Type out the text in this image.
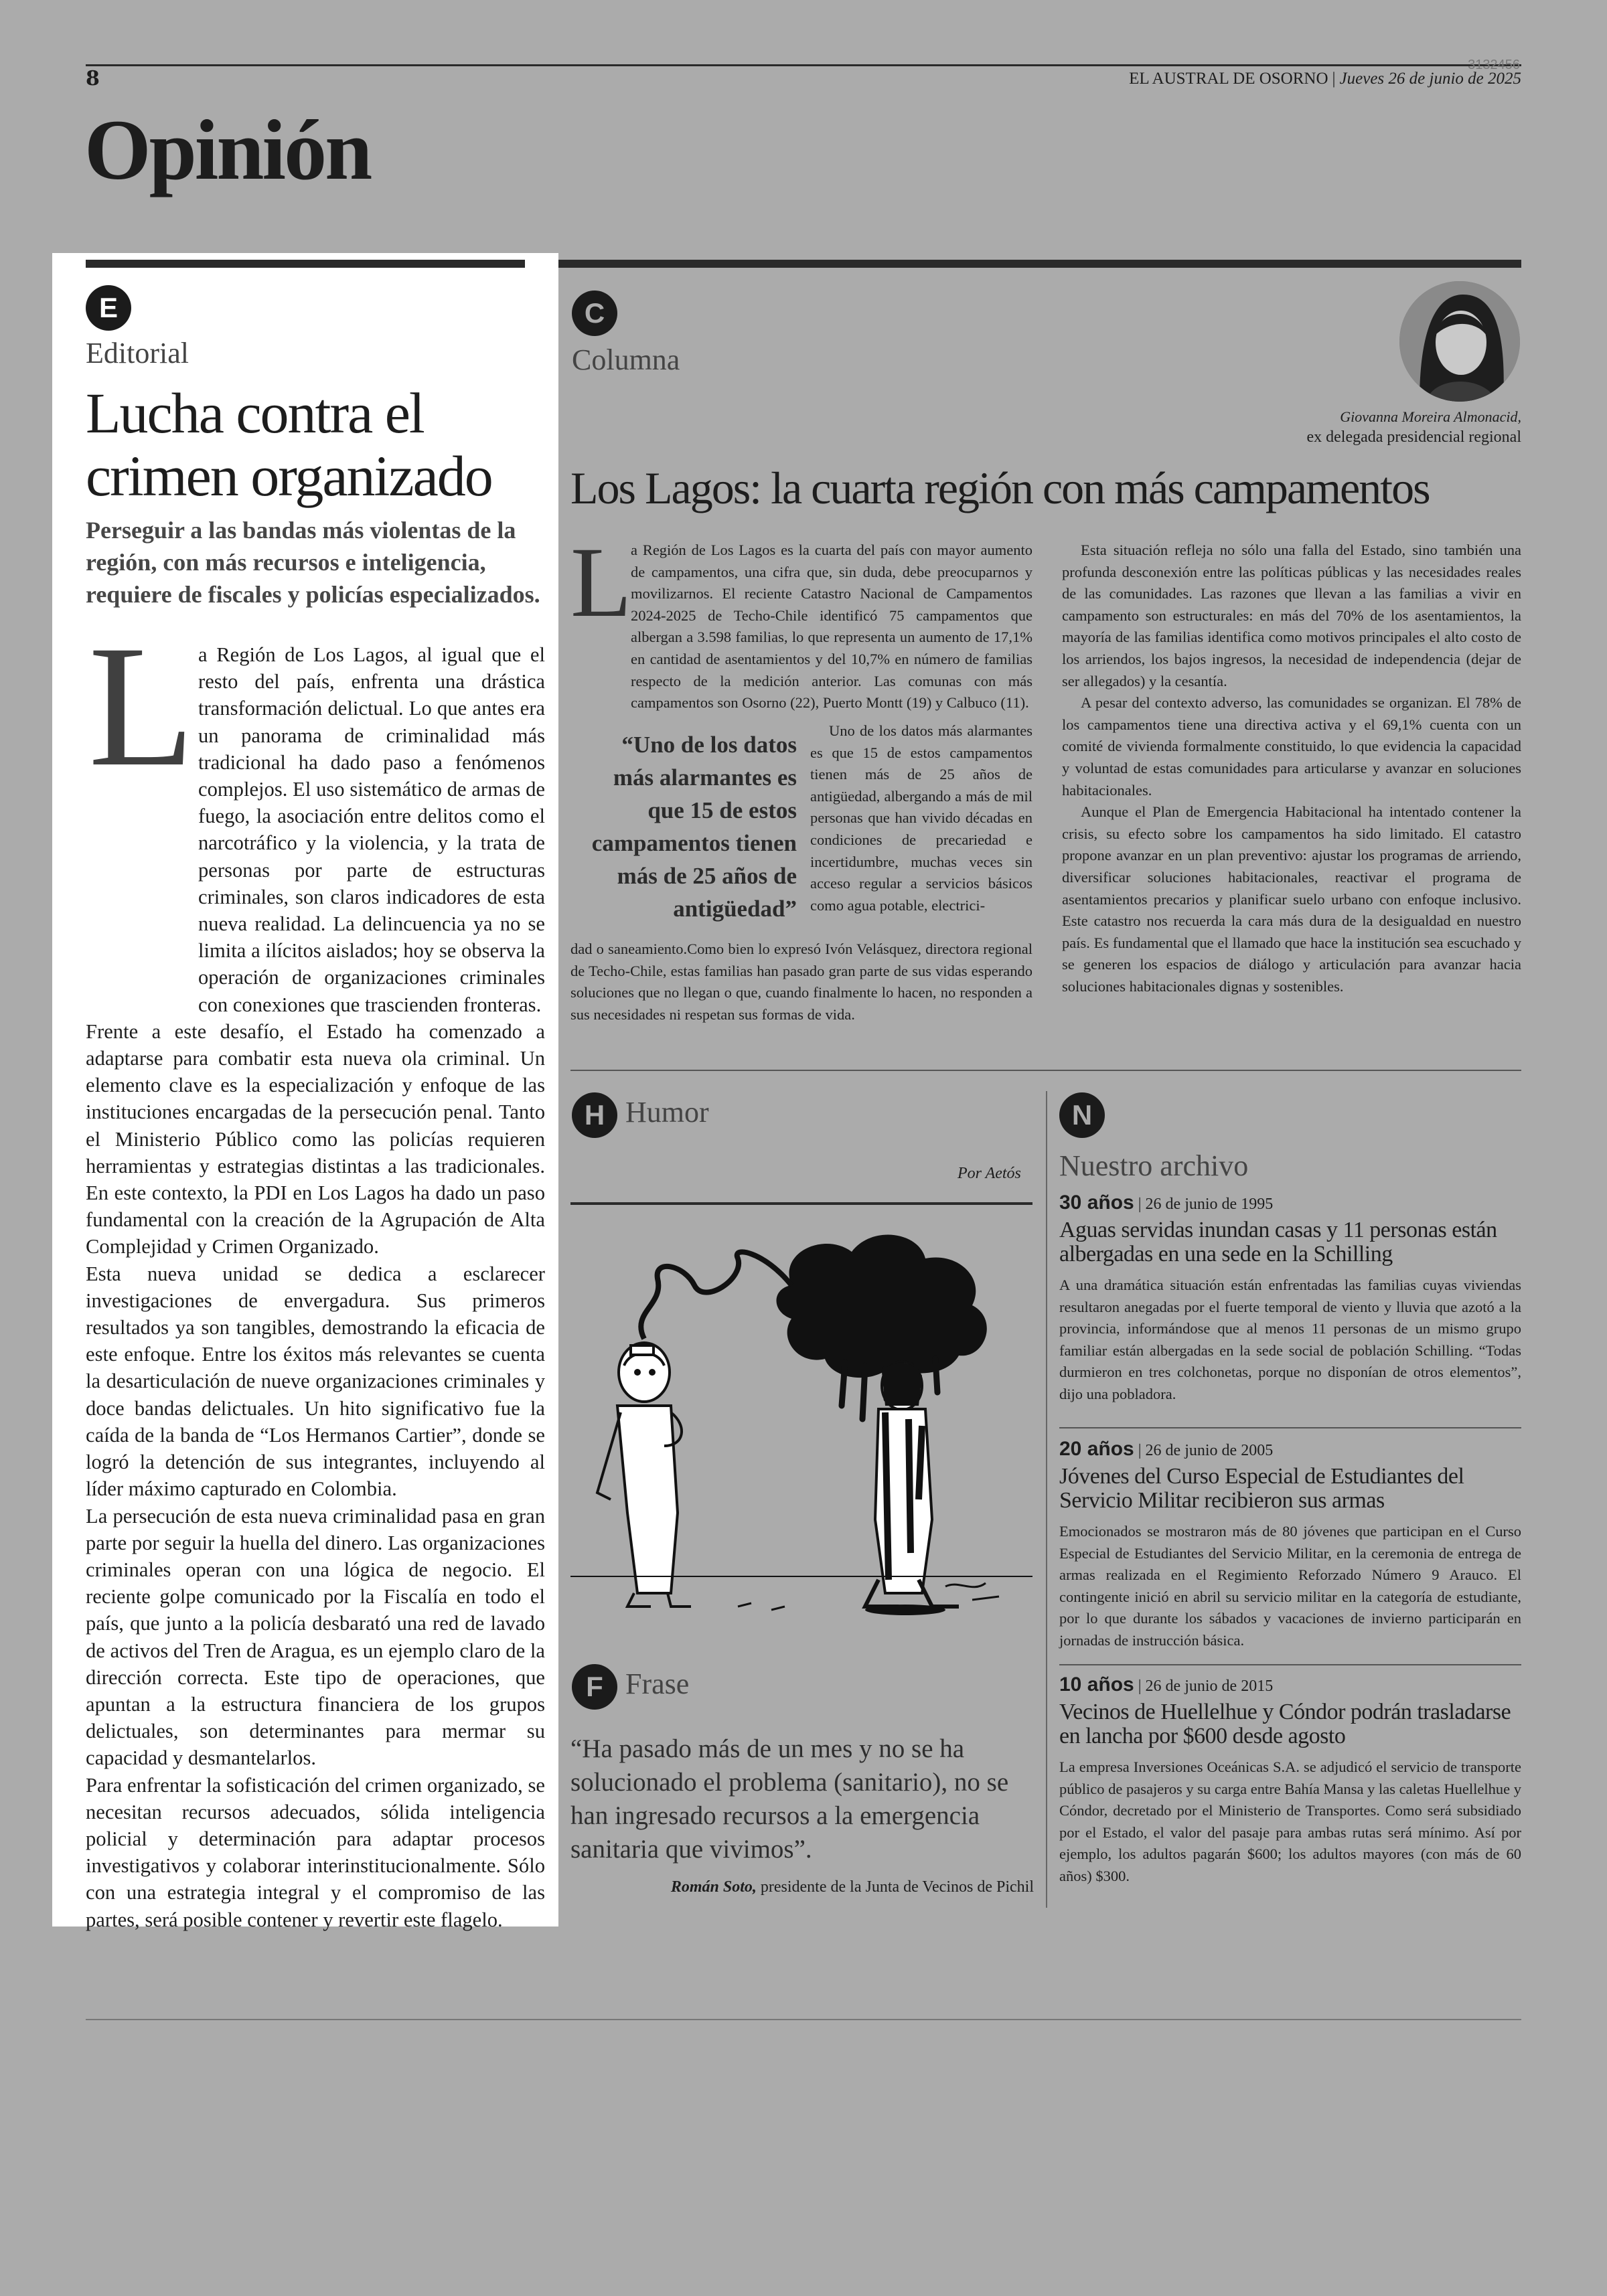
3132456
8	EL AUSTRAL DE OSORNO | Jueves 26 de junio de 2025
Opinión
E
Editorial
Lucha contra el crimen organizado
Perseguir a las bandas más violentas de la región, con más recursos e inteligencia, requiere de fiscales y policías especializados.
L a Región de Los Lagos, al igual que el resto del país, enfrenta una drástica transformación delictual. Lo que antes era un panorama de criminalidad más tradicional ha dado paso a fenómenos complejos. El uso sistemático de armas de fuego, la asociación entre delitos como el narcotráfico y la violencia, y la trata de personas por parte de estructuras criminales, son claros indicadores de esta nueva realidad. La delincuencia ya no se limita a ilícitos aislados; hoy se observa la operación de organizaciones criminales con conexiones que trascienden fronteras.

Frente a este desafío, el Estado ha comenzado a adaptarse para combatir esta nueva ola criminal. Un elemento clave es la especialización y enfoque de las instituciones encargadas de la persecución penal. Tanto el Ministerio Público como las policías requieren herramientas y estrategias distintas a las tradicionales. En este contexto, la PDI en Los Lagos ha dado un paso fundamental con la creación de la Agrupación de Alta Complejidad y Crimen Organizado.

Esta nueva unidad se dedica a esclarecer investigaciones de envergadura. Sus primeros resultados ya son tangibles, demostrando la eficacia de este enfoque. Entre los éxitos más relevantes se cuenta la desarticulación de nueve organizaciones criminales y doce bandas delictuales. Un hito significativo fue la caída de la banda de “Los Hermanos Cartier”, donde se logró la detención de sus integrantes, incluyendo al líder máximo capturado en Colombia.

La persecución de esta nueva criminalidad pasa en gran parte por seguir la huella del dinero. Las organizaciones criminales operan con una lógica de negocio. El reciente golpe comunicado por la Fiscalía en todo el país, que junto a la policía desbarató una red de lavado de activos del Tren de Aragua, es un ejemplo claro de la dirección correcta. Este tipo de operaciones, que apuntan a la estructura financiera de los grupos delictuales, son determinantes para mermar su capacidad y desmantelarlos.

Para enfrentar la sofisticación del crimen organizado, se necesitan recursos adecuados, sólida inteligencia policial y determinación para adaptar procesos investigativos y colaborar interinstitucionalmente. Sólo con una estrategia integral y el compromiso de las partes, será posible contener y revertir este flagelo.

C
Columna
Giovanna Moreira Almonacid,
ex delegada presidencial regional
Los Lagos: la cuarta región con más campamentos
L

a Región de Los Lagos es la cuarta del país con mayor aumento de campamentos, una cifra que, sin duda, debe preocuparnos y movilizarnos. El reciente Catastro Nacional de Campamentos 2024-2025 de Techo-Chile identificó 75 campamentos que albergan a 3.598 familias, lo que representa un aumento de 17,1% en cantidad de asentamientos y del 10,7% en número de familias respecto de la medición anterior. Las comunas con más campamentos son Osorno (22), Puerto Montt (19) y Calbuco (11).

“Uno de los datos más alarmantes es que 15 de estos campamentos tienen más de 25 años de antigüedad”

Uno de los datos más alarmantes es que 15 de estos campamentos tienen más de 25 años de antigüedad, albergando a más de mil personas que han vivido décadas en condiciones de precariedad e incertidumbre, muchas veces sin acceso regular a servicios básicos como agua potable, electrici-

dad o saneamiento.Como bien lo expresó Ivón Velásquez, directora regional de Techo-Chile, estas familias han pasado gran parte de sus vidas esperando soluciones que no llegan o que, cuando finalmente lo hacen, no responden a sus necesidades ni respetan sus formas de vida.

Esta situación refleja no sólo una falla del Estado, sino también una profunda desconexión entre las políticas públicas y las necesidades reales de las comunidades. Las razones que llevan a las familias a vivir en campamento son estructurales: en más del 70% de los asentamientos, la mayoría de las familias identifica como motivos principales el alto costo de los arriendos, los bajos ingresos, la necesidad de independencia (dejar de ser allegados) y la cesantía.

A pesar del contexto adverso, las comunidades se organizan. El 78% de los campamentos tiene una directiva activa y el 69,1% cuenta con un comité de vivienda formalmente constituido, lo que evidencia la capacidad y voluntad de estas comunidades para articularse y avanzar en soluciones habitacionales.

Aunque el Plan de Emergencia Habitacional ha intentado contener la crisis, su efecto sobre los campamentos ha sido limitado. El catastro propone avanzar en un plan preventivo: ajustar los programas de arriendo, diversificar soluciones habitacionales, reactivar el programa de asentamientos precarios y planificar suelo urbano con enfoque inclusivo. Este catastro nos recuerda la cara más dura de la desigualdad en nuestro país. Es fundamental que el llamado que hace la institución sea escuchado y se generen los espacios de diálogo y articulación para avanzar hacia soluciones habitacionales dignas y sostenibles.

H Humor
Por Aetós
F Frase
“Ha pasado más de un mes y no se ha solucionado el problema (sanitario), no se han ingresado recursos a la emergencia sanitaria que vivimos”.
Román Soto, presidente de la Junta de Vecinos de Pichil
N
Nuestro archivo
30 años | 26 de junio de 1995
Aguas servidas inundan casas y 11 personas están albergadas en una sede en la Schilling
A una dramática situación están enfrentadas las familias cuyas viviendas resultaron anegadas por el fuerte temporal de viento y lluvia que azotó a la provincia, informándose que al menos 11 personas de un mismo grupo familiar están albergadas en la sede social de población Schilling. “Todas durmieron en tres colchonetas, porque no disponían de otros elementos”, dijo una pobladora.
20 años | 26 de junio de 2005
Jóvenes del Curso Especial de Estudiantes del Servicio Militar recibieron sus armas
Emocionados se mostraron más de 80 jóvenes que participan en el Curso Especial de Estudiantes del Servicio Militar, en la ceremonia de entrega de armas realizada en el Regimiento Reforzado Número 9 Arauco. El contingente inició en abril su servicio militar en la categoría de estudiante, por lo que durante los sábados y vacaciones de invierno participarán en jornadas de instrucción básica.
10 años | 26 de junio de 2015
Vecinos de Huellelhue y Cóndor podrán trasladarse en lancha por $600 desde agosto
La empresa Inversiones Oceánicas S.A. se adjudicó el servicio de transporte público de pasajeros y su carga entre Bahía Mansa y las caletas Huellelhue y Cóndor, decretado por el Ministerio de Transportes. Como será subsidiado por el Estado, el valor del pasaje para ambas rutas será mínimo. Así por ejemplo, los adultos pagarán $600; los adultos mayores (con más de 60 años) $300.
